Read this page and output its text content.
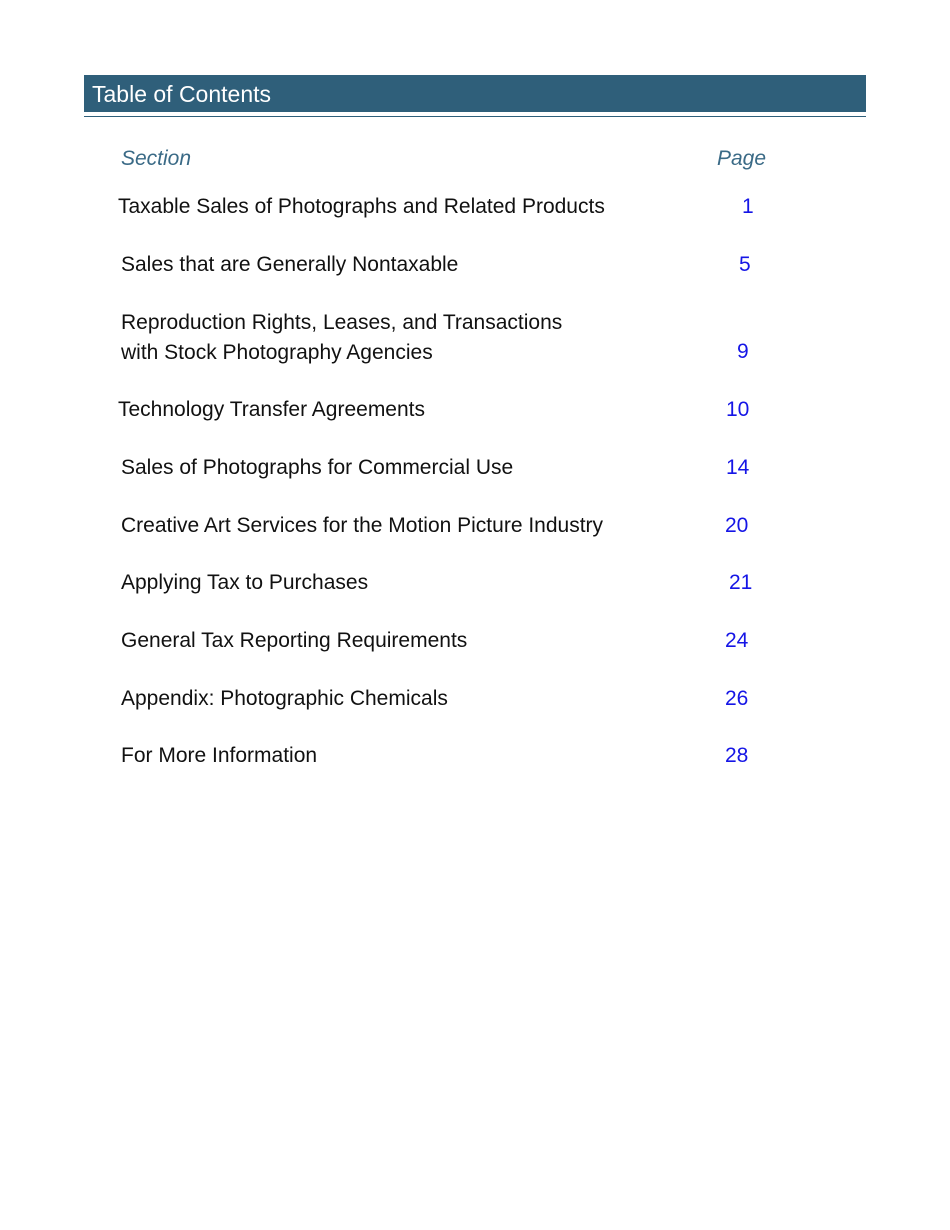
Table of Contents
Section	Page
Taxable Sales of Photographs and Related Products	1
Sales that are Generally Nontaxable	5
Reproduction Rights, Leases, and Transactions
with Stock Photography Agencies	9
Technology Transfer Agreements	10
Sales of Photographs for Commercial Use	14
Creative Art Services for the Motion Picture Industry	20
Applying Tax to Purchases	21
General Tax Reporting Requirements	24
Appendix: Photographic Chemicals	26
For More Information	28
